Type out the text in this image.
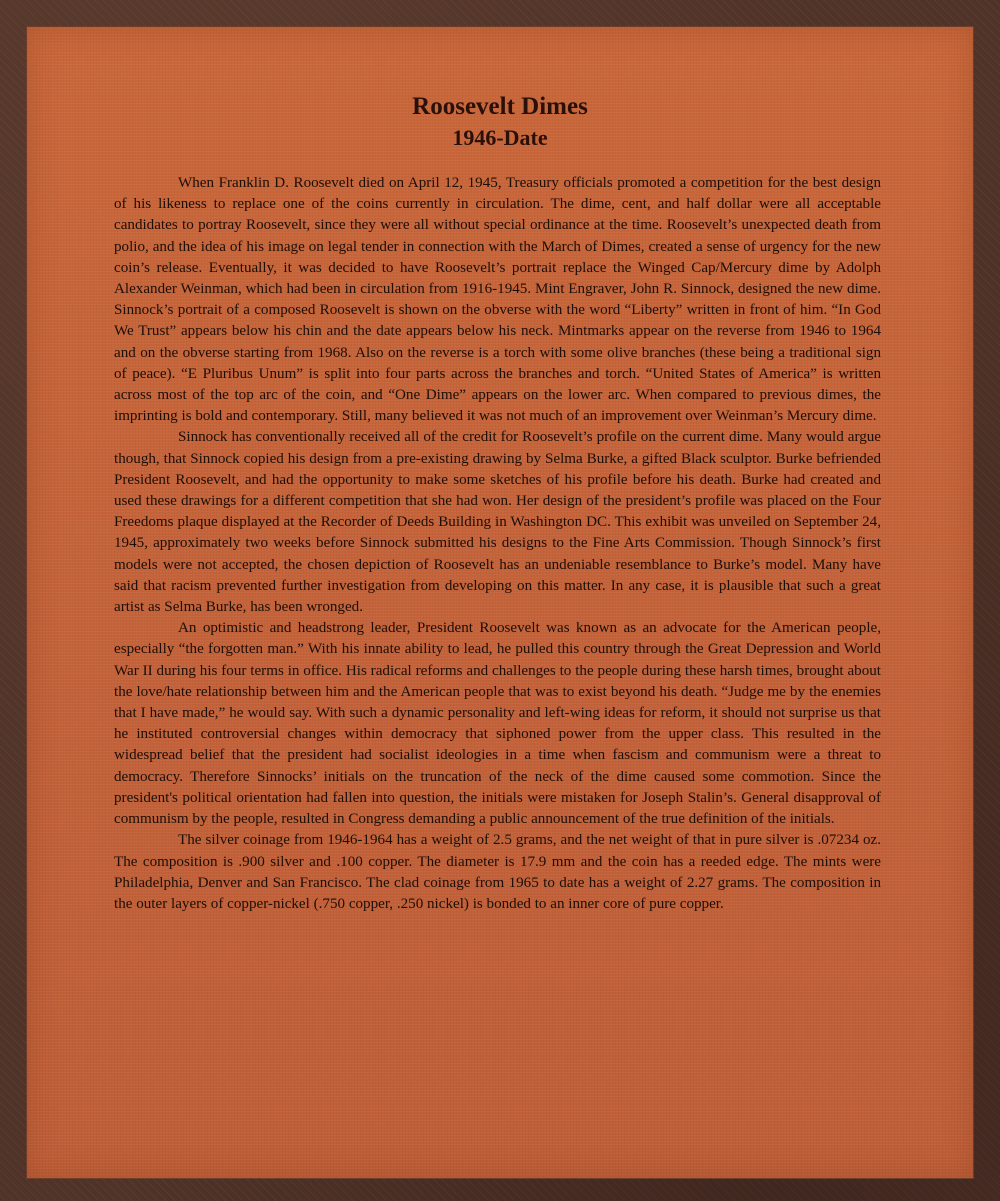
Roosevelt Dimes
1946-Date

When Franklin D. Roosevelt died on April 12, 1945, Treasury officials promoted a competition for the best design of his likeness to replace one of the coins currently in circulation. The dime, cent, and half dollar were all acceptable candidates to portray Roosevelt, since they were all without special ordinance at the time. Roosevelt’s unexpected death from polio, and the idea of his image on legal tender in connection with the March of Dimes, created a sense of urgency for the new coin’s release. Eventually, it was decided to have Roosevelt’s portrait replace the Winged Cap/Mercury dime by Adolph Alexander Weinman, which had been in circulation from 1916-1945. Mint Engraver, John R. Sinnock, designed the new dime. Sinnock’s portrait of a composed Roosevelt is shown on the obverse with the word “Liberty” written in front of him. “In God We Trust” appears below his chin and the date appears below his neck. Mintmarks appear on the reverse from 1946 to 1964 and on the obverse starting from 1968. Also on the reverse is a torch with some olive branches (these being a traditional sign of peace). “E Pluribus Unum” is split into four parts across the branches and torch. “United States of America” is written across most of the top arc of the coin, and “One Dime” appears on the lower arc. When compared to previous dimes, the imprinting is bold and contemporary. Still, many believed it was not much of an improvement over Weinman’s Mercury dime.

Sinnock has conventionally received all of the credit for Roosevelt’s profile on the current dime. Many would argue though, that Sinnock copied his design from a pre-existing drawing by Selma Burke, a gifted Black sculptor. Burke befriended President Roosevelt, and had the opportunity to make some sketches of his profile before his death. Burke had created and used these drawings for a different competition that she had won. Her design of the president’s profile was placed on the Four Freedoms plaque displayed at the Recorder of Deeds Building in Washington DC. This exhibit was unveiled on September 24, 1945, approximately two weeks before Sinnock submitted his designs to the Fine Arts Commission. Though Sinnock’s first models were not accepted, the chosen depiction of Roosevelt has an undeniable resemblance to Burke’s model. Many have said that racism prevented further investigation from developing on this matter. In any case, it is plausible that such a great artist as Selma Burke, has been wronged.

An optimistic and headstrong leader, President Roosevelt was known as an advocate for the American people, especially “the forgotten man.” With his innate ability to lead, he pulled this country through the Great Depression and World War II during his four terms in office. His radical reforms and challenges to the people during these harsh times, brought about the love/hate relationship between him and the American people that was to exist beyond his death. “Judge me by the enemies that I have made,” he would say. With such a dynamic personality and left-wing ideas for reform, it should not surprise us that he instituted controversial changes within democracy that siphoned power from the upper class. This resulted in the widespread belief that the president had socialist ideologies in a time when fascism and communism were a threat to democracy. Therefore Sinnocks’ initials on the truncation of the neck of the dime caused some commotion. Since the president's political orientation had fallen into question, the initials were mistaken for Joseph Stalin’s. General disapproval of communism by the people, resulted in Congress demanding a public announcement of the true definition of the initials.

The silver coinage from 1946-1964 has a weight of 2.5 grams, and the net weight of that in pure silver is .07234 oz. The composition is .900 silver and .100 copper. The diameter is 17.9 mm and the coin has a reeded edge. The mints were Philadelphia, Denver and San Francisco. The clad coinage from 1965 to date has a weight of 2.27 grams. The composition in the outer layers of copper-nickel (.750 copper, .250 nickel) is bonded to an inner core of pure copper.
